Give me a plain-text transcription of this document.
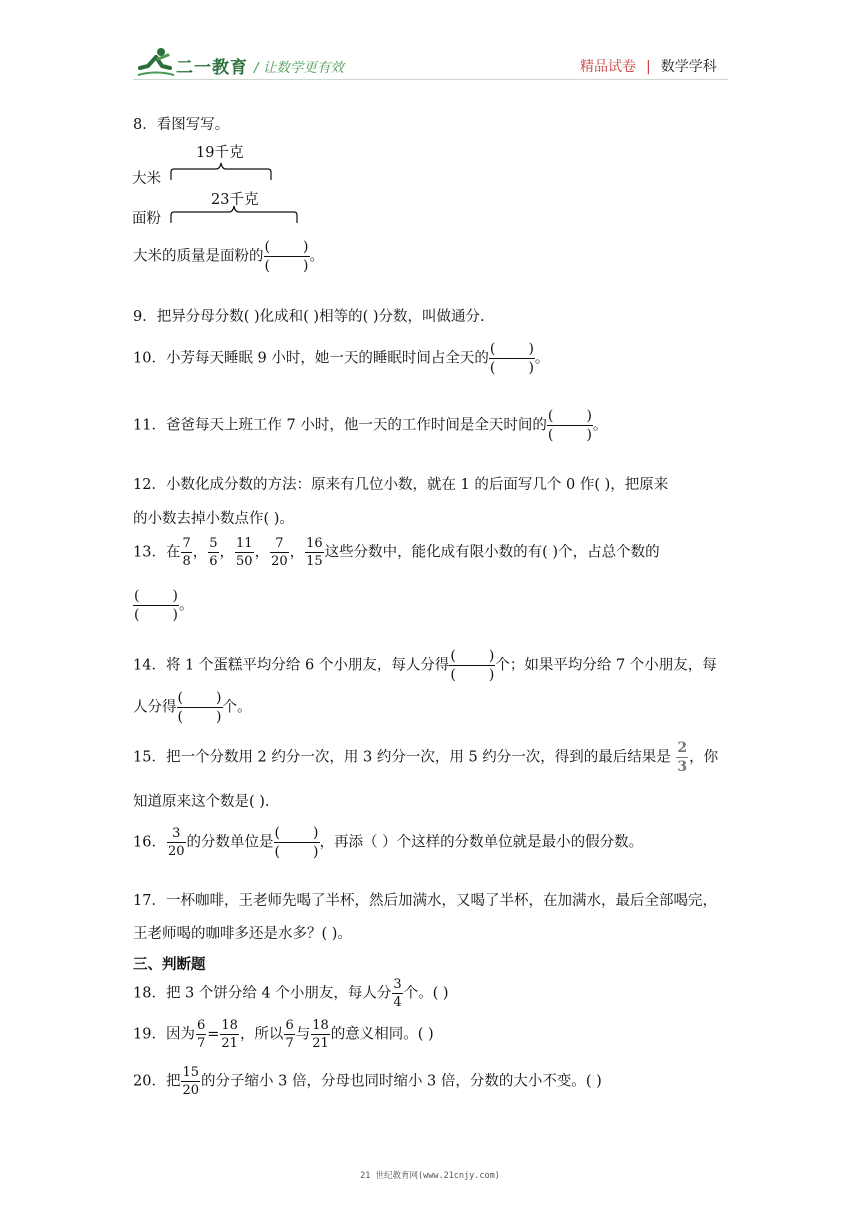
二一教育 / 让数学更有效	精品试卷 | 数学学科
8．看图写写。
19千克
大米
23千克
面粉
大米的质量是面粉的 $\frac{( )}{( )}$ 。
9．把异分母分数( )化成和( )相等的( )分数，叫做通分.
10．小芳每天睡眠 9 小时，她一天的睡眠时间占全天的 $\frac{( )}{( )}$ 。
11．爸爸每天上班工作 7 小时，他一天的工作时间是全天时间的 $\frac{( )}{( )}$ 。
12．小数化成分数的方法：原来有几位小数，就在 1 的后面写几个 0 作( )，把原来
的小数去掉小数点作( )。
13．在 $\frac{7}{8}$ ， $\frac{5}{6}$ ， $\frac{11}{50}$ ， $\frac{7}{20}$ ， $\frac{16}{15}$ 这些分数中，能化成有限小数的有( )个，占总个数的
$\frac{( )}{( )}$ 。
14．将 1 个蛋糕平均分给 6 个小朋友，每人分得 $\frac{( )}{( )}$ 个；如果平均分给 7 个小朋友，每
人分得 $\frac{( )}{( )}$ 个。
15．把一个分数用 2 约分一次，用 3 约分一次，用 5 约分一次，得到的最后结果是 $\frac{2}{3}$ ，你
知道原来这个数是( ).
16． $\frac{3}{20}$ 的分数单位是 $\frac{( )}{( )}$ ，再添（ ）个这样的分数单位就是最小的假分数。
17．一杯咖啡，王老师先喝了半杯，然后加满水，又喝了半杯，在加满水，最后全部喝完，
王老师喝的咖啡多还是水多？( )。
三、判断题
18．把 3 个饼分给 4 个小朋友，每人分 $\frac{3}{4}$ 个。( )
19．因为 $\frac{6}{7} = \frac{18}{21}$ ，所以 $\frac{6}{7}$ 与 $\frac{18}{21}$ 的意义相同。( )
20．把 $\frac{15}{20}$ 的分子缩小 3 倍，分母也同时缩小 3 倍，分数的大小不变。( )
21 世纪教育网(www.21cnjy.com)
